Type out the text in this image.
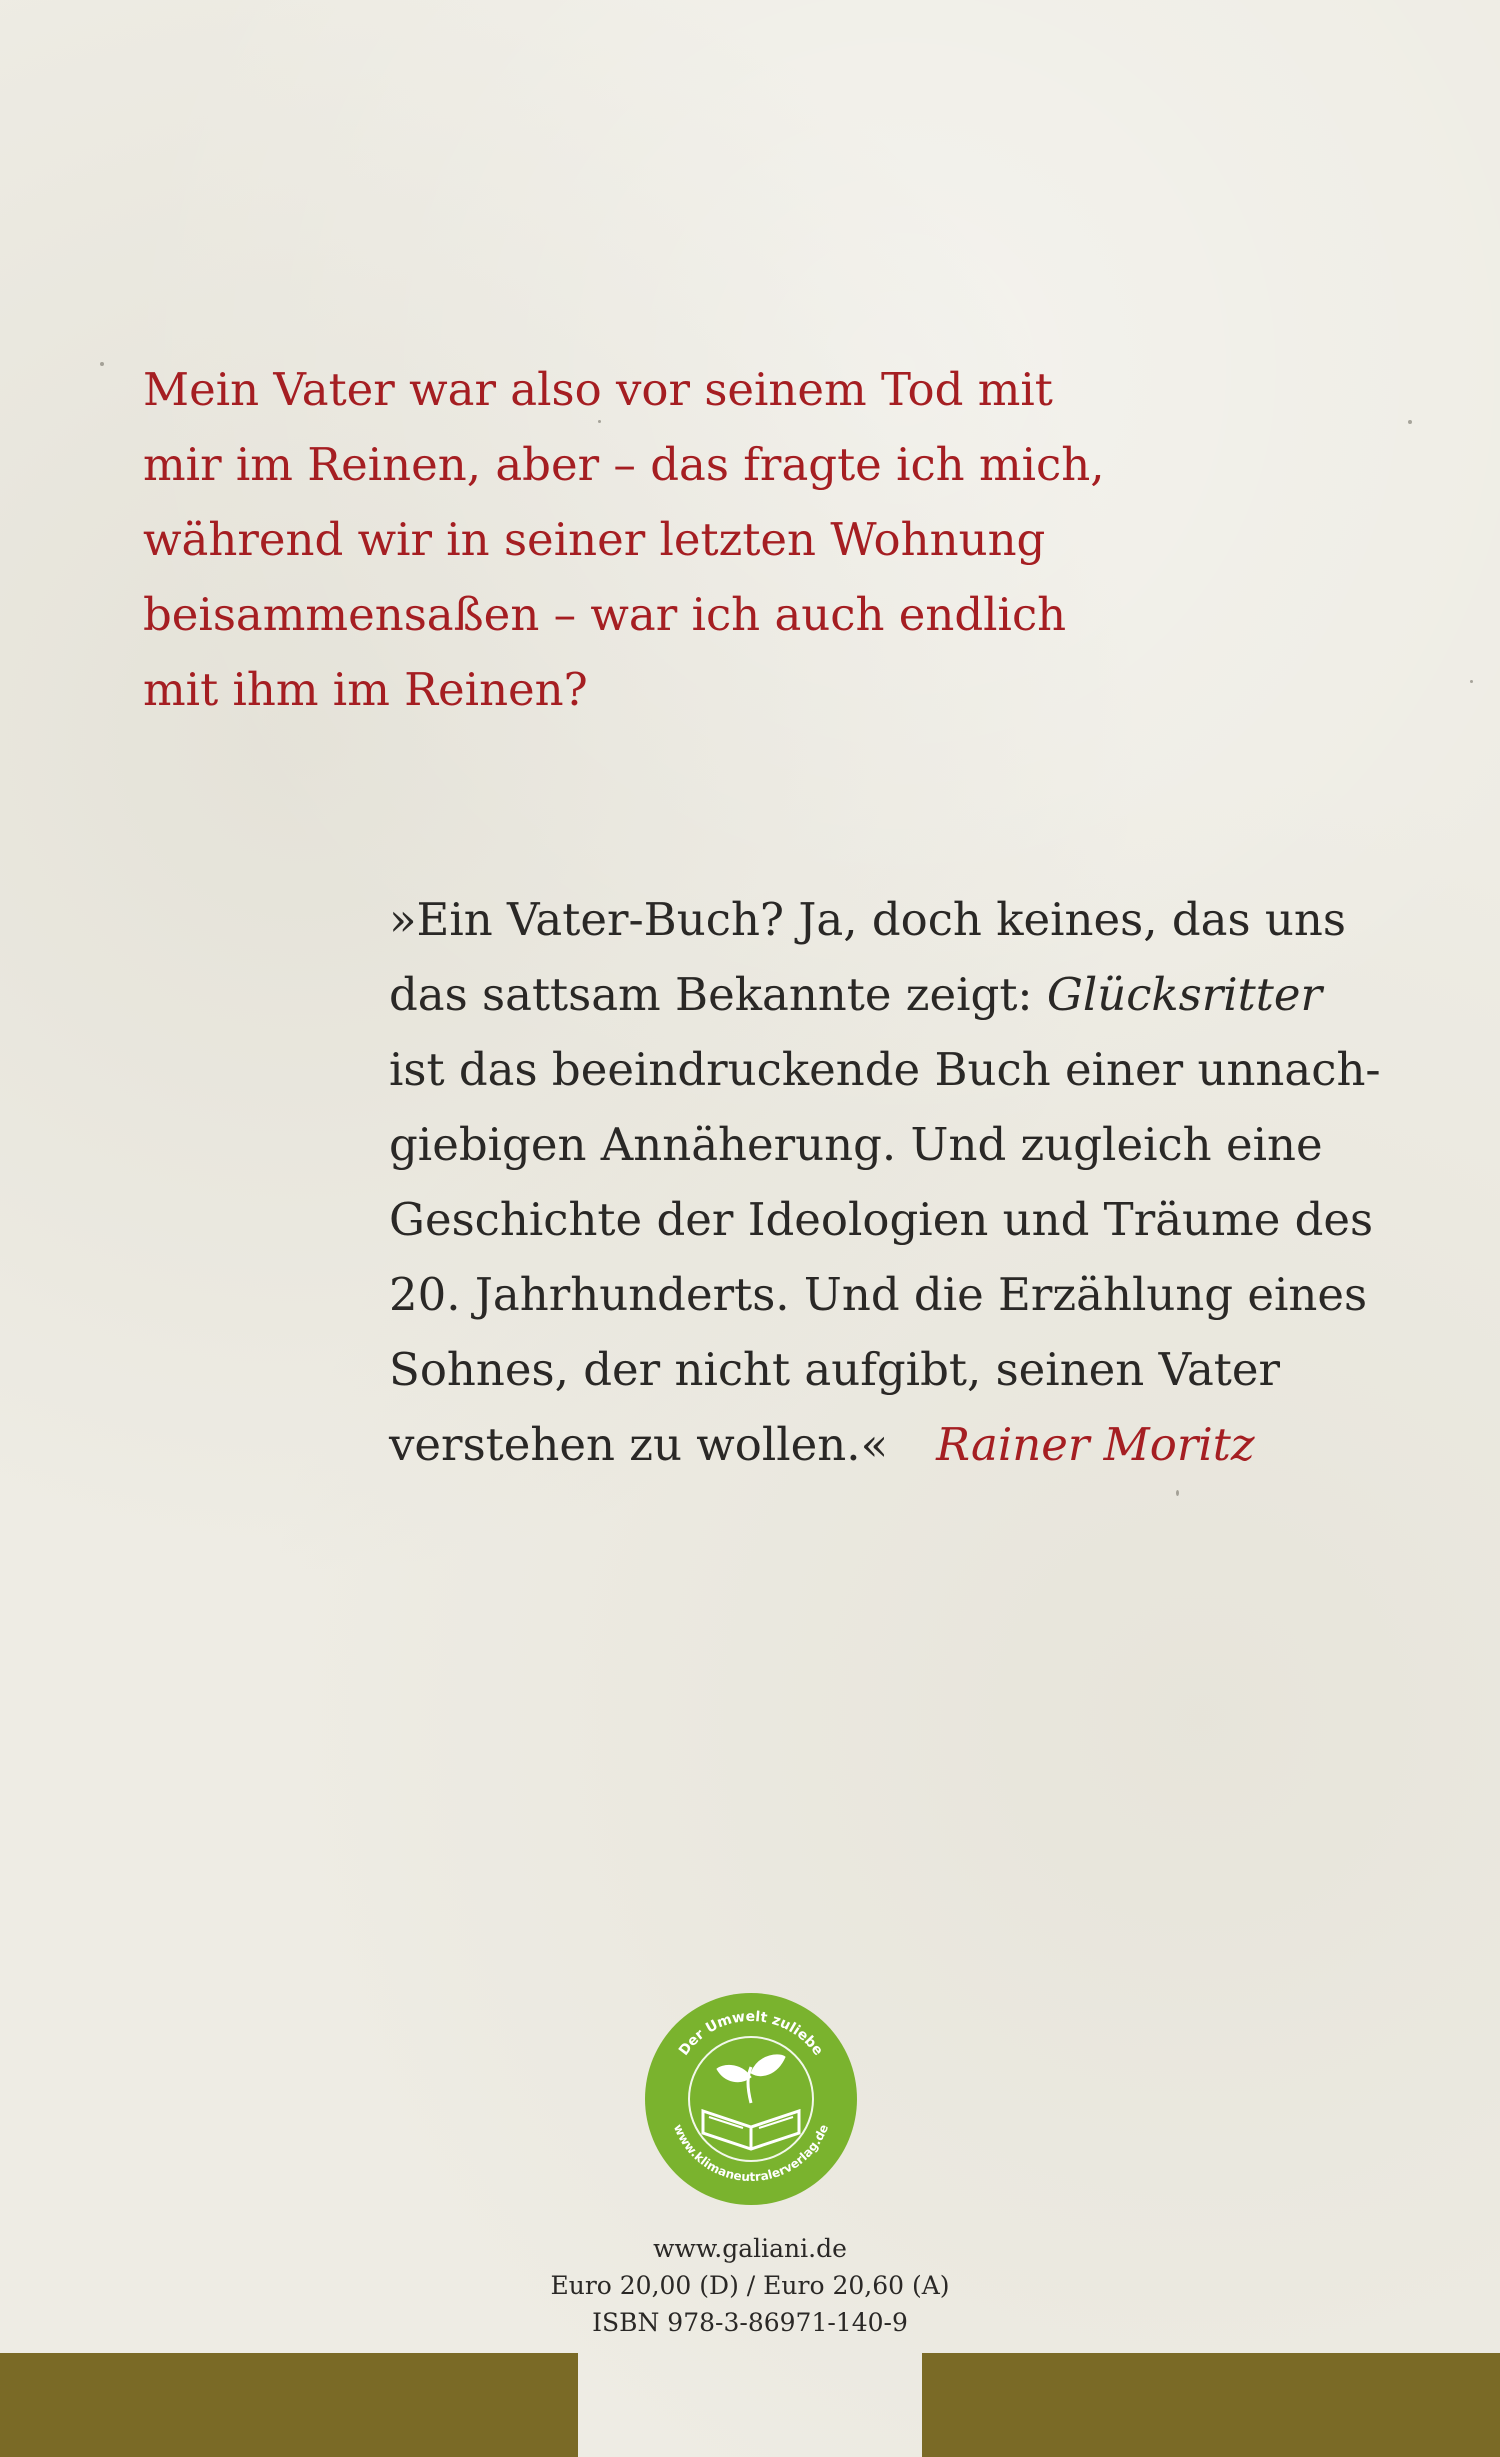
Mein Vater war also vor seinem Tod mit
mir im Reinen, aber – das fragte ich mich,
während wir in seiner letzten Wohnung
beisammensaßen – war ich auch endlich
mit ihm im Reinen?
»Ein Vater-Buch? Ja, doch keines, das uns
das sattsam Bekannte zeigt: Glücksritter
ist das beeindruckende Buch einer unnach-
giebigen Annäherung. Und zugleich eine
Geschichte der Ideologien und Träume des
20. Jahrhunderts. Und die Erzählung eines
Sohnes, der nicht aufgibt, seinen Vater
verstehen zu wollen.« Rainer Moritz
Der Umwelt zuliebe
www.klimaneutralerverlag.de
www.galiani.de
Euro 20,00 (D) / Euro 20,60 (A)
ISBN 978-3-86971-140-9
